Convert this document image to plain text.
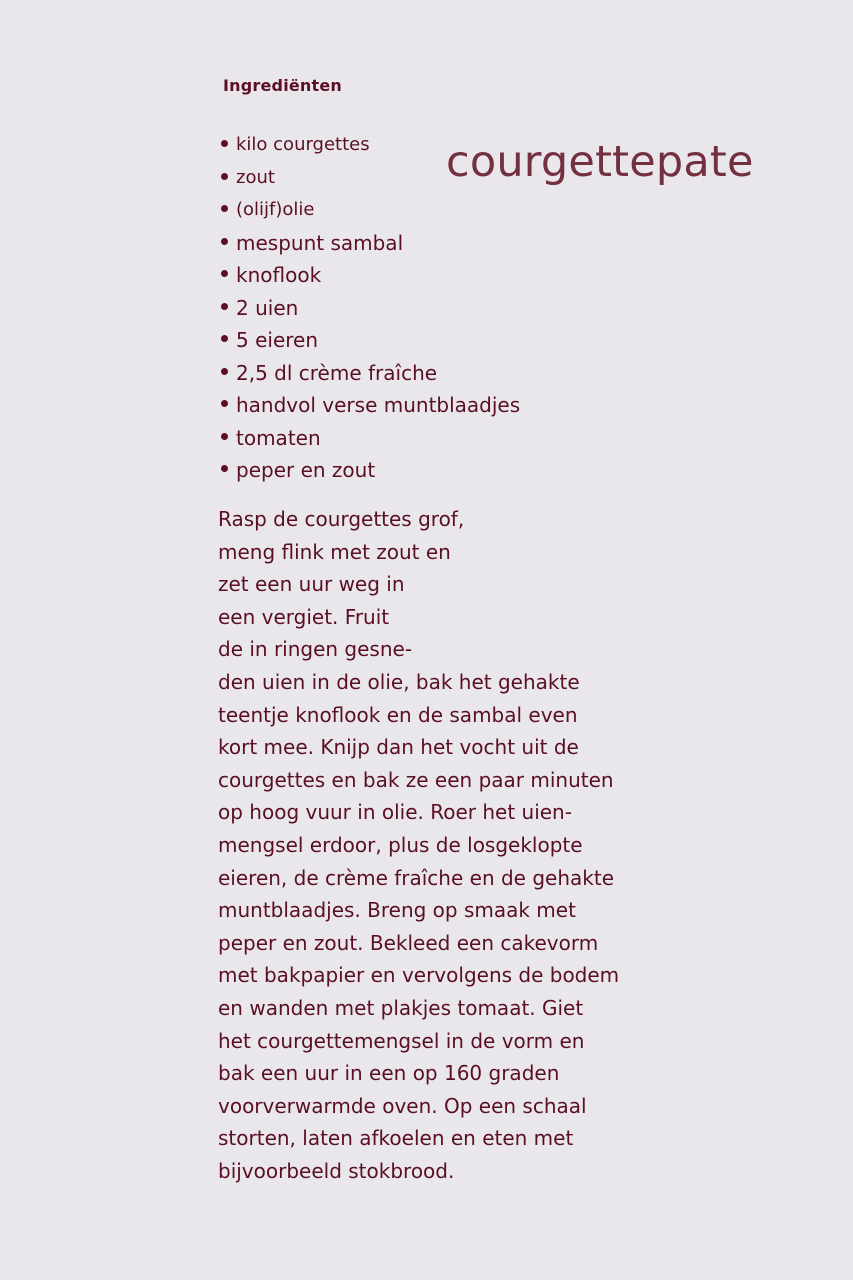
Ingrediënten
courgettepate
kilo courgettes
zout
(olijf)olie
mespunt sambal
knoflook
2 uien
5 eieren
2,5 dl crème fraîche
handvol verse muntblaadjes
tomaten
peper en zout
Rasp de courgettes grof,
meng flink met zout en
zet een uur weg in
een vergiet. Fruit
de in ringen gesne-
den uien in de olie, bak het gehakte
teentje knoflook en de sambal even
kort mee. Knijp dan het vocht uit de
courgettes en bak ze een paar minuten
op hoog vuur in olie. Roer het uien-
mengsel erdoor, plus de losgeklopte
eieren, de crème fraîche en de gehakte
muntblaadjes. Breng op smaak met
peper en zout. Bekleed een cakevorm
met bakpapier en vervolgens de bodem
en wanden met plakjes tomaat. Giet
het courgettemengsel in de vorm en
bak een uur in een op 160 graden
voorverwarmde oven. Op een schaal
storten, laten afkoelen en eten met
bijvoorbeeld stokbrood.
